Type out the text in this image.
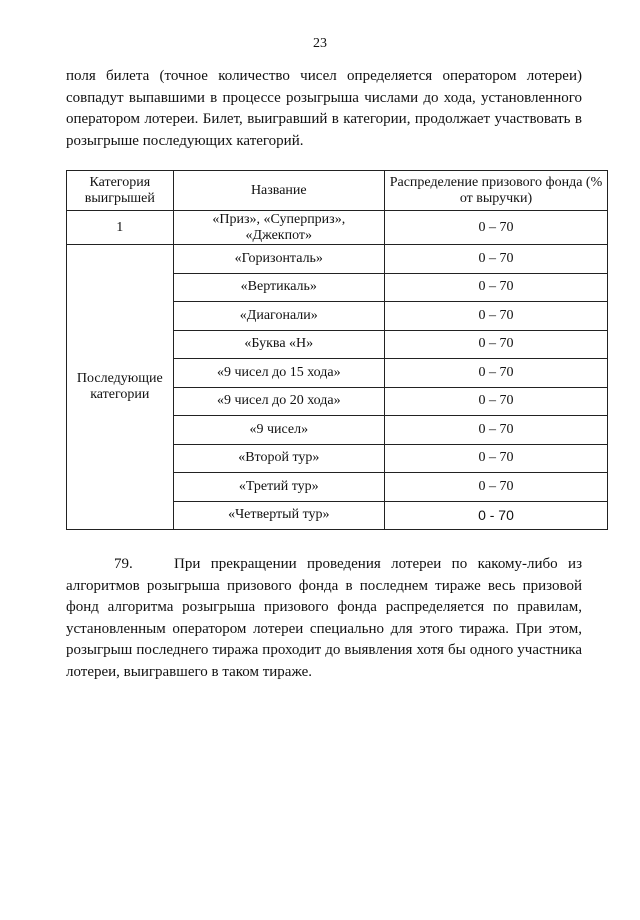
23
поля билета (точное количество чисел определяется оператором лотереи) совпадут выпавшими в процессе розыгрыша числами до хода, установленного оператором лотереи. Билет, выигравший в категории, продолжает участвовать в розыгрыше последующих категорий.
Категория выигрышей	Название	Распределение призового фонда (% от выручки)
1	«Приз», «Суперприз», «Джекпот»	0 – 70
Последующие категории	«Горизонталь»	0 – 70
	«Вертикаль»	0 – 70
	«Диагонали»	0 – 70
	«Буква «Н»	0 – 70
	«9 чисел до 15 хода»	0 – 70
	«9 чисел до 20 хода»	0 – 70
	«9 чисел»	0 – 70
	«Второй тур»	0 – 70
	«Третий тур»	0 – 70
	«Четвертый тур»	0 - 70
79.	При прекращении проведения лотереи по какому-либо из алгоритмов розыгрыша призового фонда в последнем тираже весь призовой фонд алгоритма розыгрыша призового фонда распределяется по правилам, установленным оператором лотереи специально для этого тиража. При этом, розыгрыш последнего тиража проходит до выявления хотя бы одного участника лотереи, выигравшего в таком тираже.
